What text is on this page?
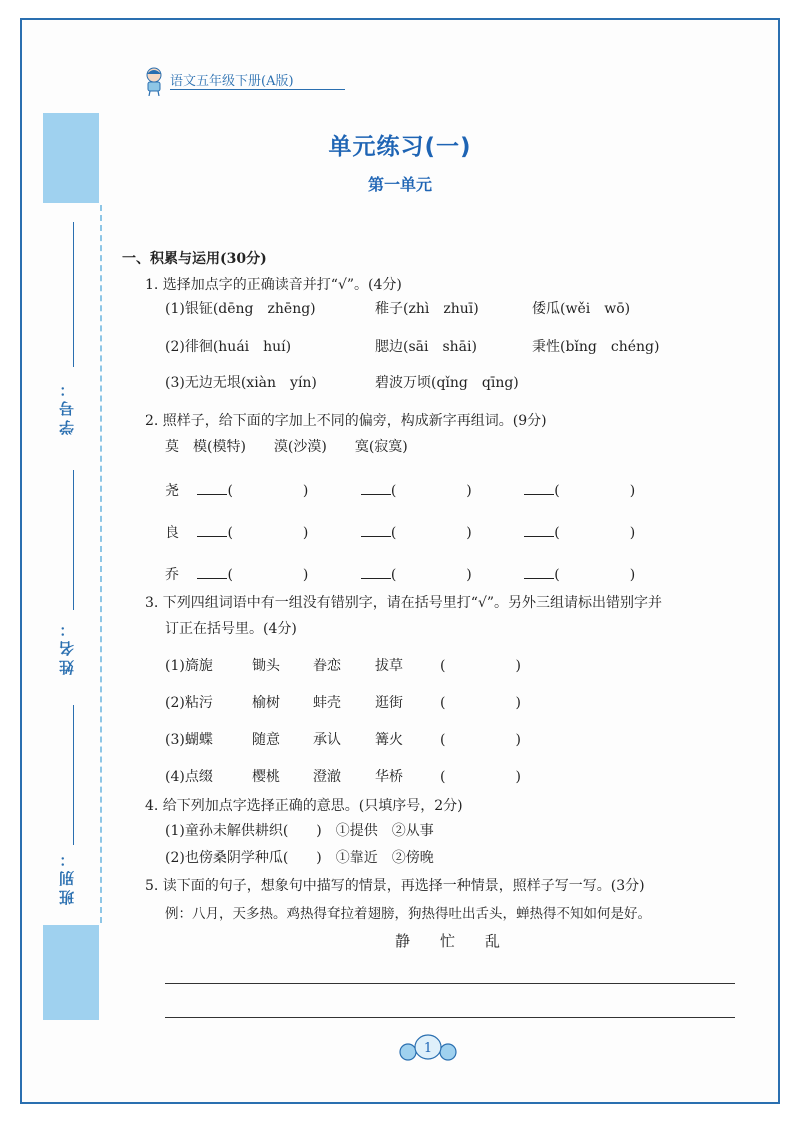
语文五年级下册(A版)
学号：
姓名：
班别：
单元练习(一)
第一单元
一、积累与运用(30分)
1. 选择加点字的正确读音并打“√”。(4分)
(1)银钲(dēng　zhēng)	稚子(zhì　zhuī)	倭瓜(wěi　wō)
(2)徘徊(huái　huí)	腮边(sāi　shāi)	秉性(bǐng　chéng)
(3)无边无垠(xiàn　yín)	碧波万顷(qǐng　qīng)
2. 照样子，给下面的字加上不同的偏旁，构成新字再组词。(9分)
莫　模(模特)　　漠(沙漠)　　寞(寂寞)
尧	(　　　　　)	(　　　　　)	(　　　　　)
良	(　　　　　)	(　　　　　)	(　　　　　)
乔	(　　　　　)	(　　　　　)	(　　　　　)
3. 下列四组词语中有一组没有错别字，请在括号里打“√”。另外三组请标出错别字并
订正在括号里。(4分)
(1)旖旎	锄头 眷恋 拔草	(　　　　　)
(2)粘污	榆树 蚌壳 逛街	(　　　　　)
(3)蝴蝶	随意 承认 篝火	(　　　　　)
(4)点缀	樱桃 澄澈 华桥	(　　　　　)
4. 给下列加点字选择正确的意思。(只填序号，2分)
(1)童孙未解供耕织(　　)　①提供　②从事
(2)也傍桑阴学种瓜(　　)　①靠近　②傍晚
5. 读下面的句子，想象句中描写的情景，再选择一种情景，照样子写一写。(3分)
例：八月，天多热。鸡热得耷拉着翅膀，狗热得吐出舌头，蝉热得不知如何是好。
静　　忙　　乱
1
